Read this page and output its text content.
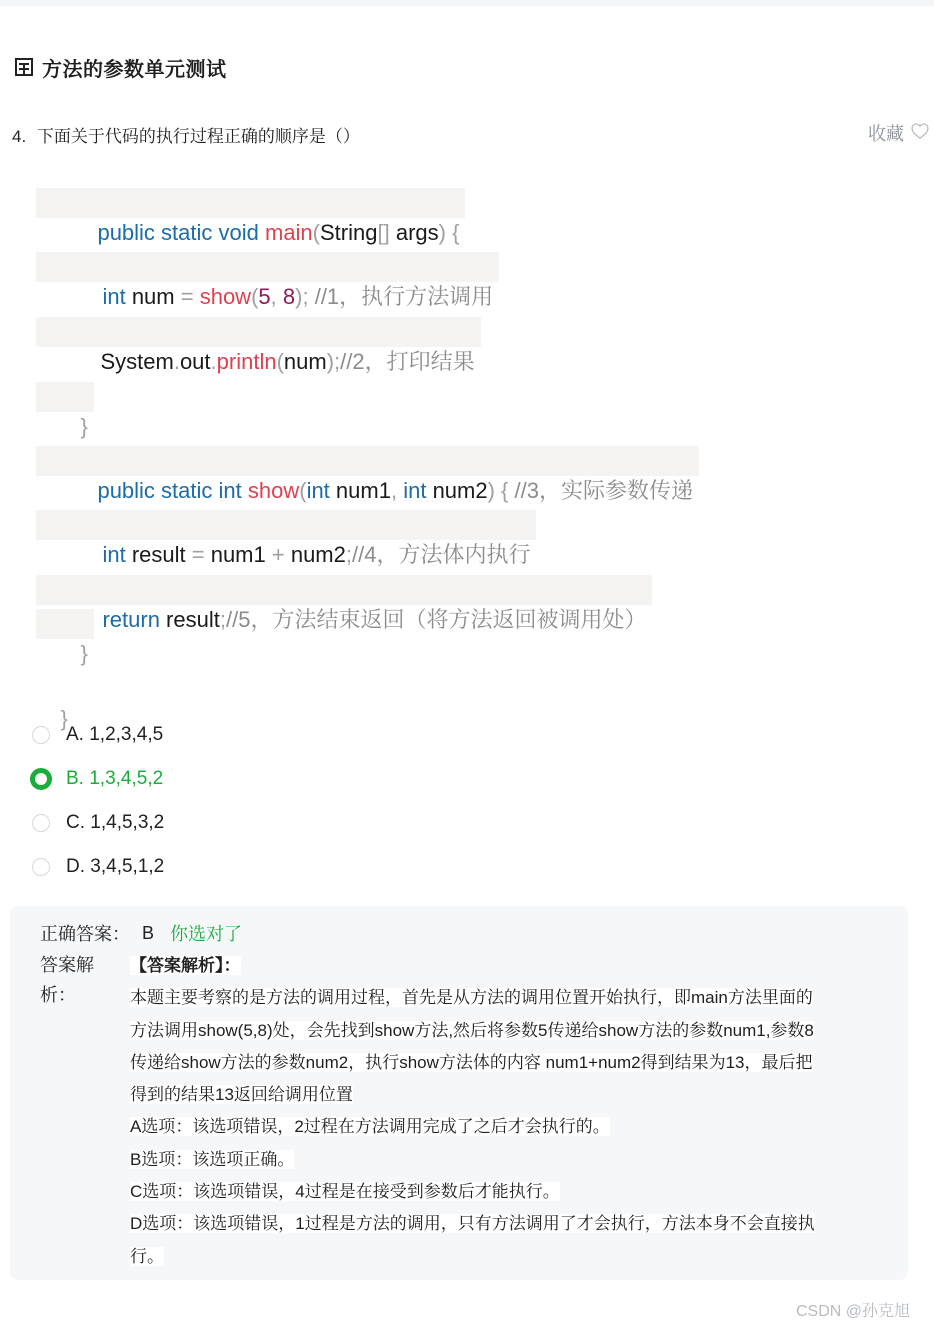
方法的参数单元测试
4. 下面关于代码的执行过程正确的顺序是（）	收藏

public static void main(String[] args) {

int num = show(5, 8); //1，执行方法调用

System.out.println(num);//2，打印结果

}

public static int show(int num1, int num2) { //3，实际参数传递

int result = num1 + num2;//4，方法体内执行

return result;//5，方法结束返回（将方法返回被调用处）

}

}

A. 1,2,3,4,5
B. 1,3,4,5,2
C. 1,4,5,3,2
D. 3,4,5,1,2
正确答案： B 你选对了
答案解析：
【答案解析】：
本题主要考察的是方法的调用过程，首先是从方法的调用位置开始执行，即main方法里面的
方法调用show(5,8)处，会先找到show方法,然后将参数5传递给show方法的参数num1,参数8
传递给show方法的参数num2，执行show方法体的内容 num1+num2得到结果为13，最后把
得到的结果13返回给调用位置
A选项：该选项错误，2过程在方法调用完成了之后才会执行的。
B选项：该选项正确。
C选项：该选项错误，4过程是在接受到参数后才能执行。
D选项：该选项错误，1过程是方法的调用，只有方法调用了才会执行，方法本身不会直接执
行。
CSDN @孙克旭
